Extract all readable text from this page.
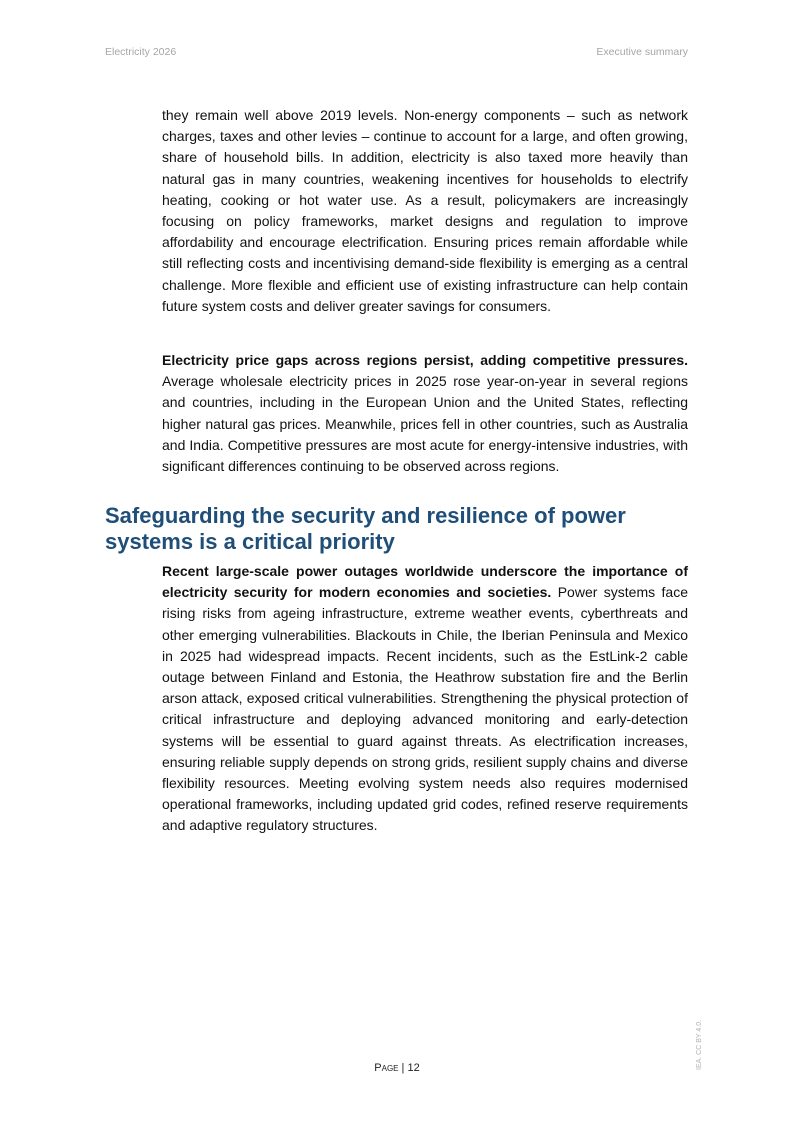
Electricity 2026	Executive summary
they remain well above 2019 levels. Non-energy components – such as network charges, taxes and other levies – continue to account for a large, and often growing, share of household bills. In addition, electricity is also taxed more heavily than natural gas in many countries, weakening incentives for households to electrify heating, cooking or hot water use. As a result, policymakers are increasingly focusing on policy frameworks, market designs and regulation to improve affordability and encourage electrification. Ensuring prices remain affordable while still reflecting costs and incentivising demand-side flexibility is emerging as a central challenge. More flexible and efficient use of existing infrastructure can help contain future system costs and deliver greater savings for consumers.
Electricity price gaps across regions persist, adding competitive pressures. Average wholesale electricity prices in 2025 rose year-on-year in several regions and countries, including in the European Union and the United States, reflecting higher natural gas prices. Meanwhile, prices fell in other countries, such as Australia and India. Competitive pressures are most acute for energy-intensive industries, with significant differences continuing to be observed across regions.
Safeguarding the security and resilience of power systems is a critical priority
Recent large-scale power outages worldwide underscore the importance of electricity security for modern economies and societies. Power systems face rising risks from ageing infrastructure, extreme weather events, cyberthreats and other emerging vulnerabilities. Blackouts in Chile, the Iberian Peninsula and Mexico in 2025 had widespread impacts. Recent incidents, such as the EstLink-2 cable outage between Finland and Estonia, the Heathrow substation fire and the Berlin arson attack, exposed critical vulnerabilities. Strengthening the physical protection of critical infrastructure and deploying advanced monitoring and early-detection systems will be essential to guard against threats. As electrification increases, ensuring reliable supply depends on strong grids, resilient supply chains and diverse flexibility resources. Meeting evolving system needs also requires modernised operational frameworks, including updated grid codes, refined reserve requirements and adaptive regulatory structures.
Page | 12	IEA. CC BY 4.0.
